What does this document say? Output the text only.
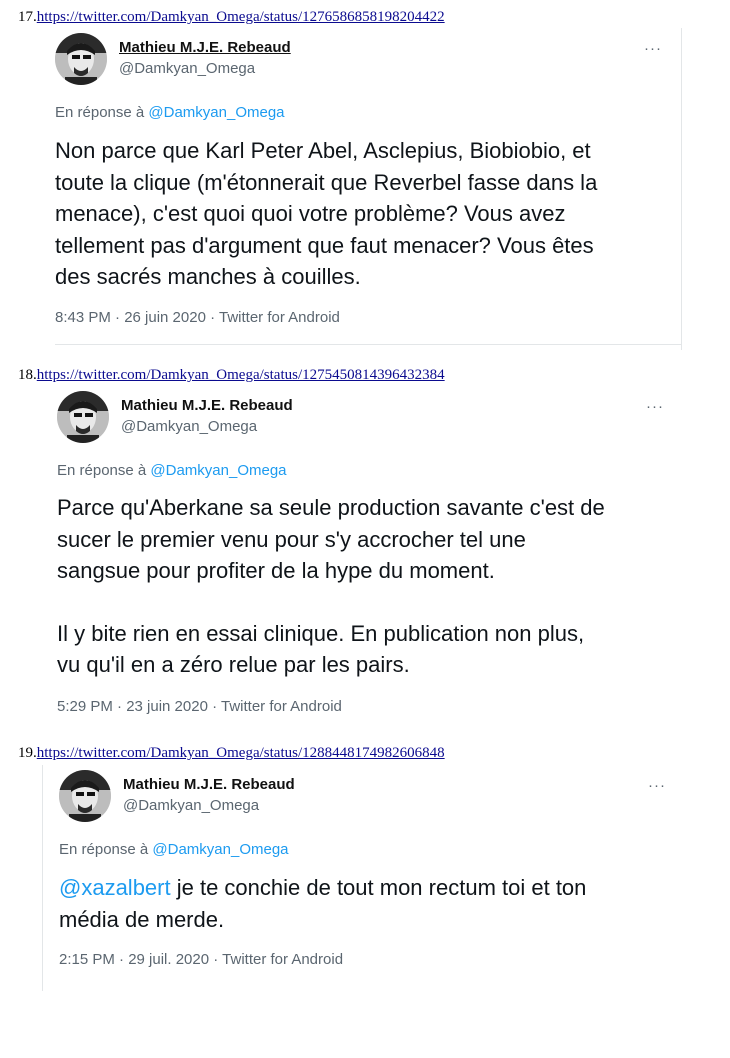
17.https://twitter.com/Damkyan_Omega/status/1276586858198204422
Mathieu M.J.E. Rebeaud
@Damkyan_Omega
···
En réponse à @Damkyan_Omega
Non parce que Karl Peter Abel, Asclepius, Biobiobio, et
toute la clique (m'étonnerait que Reverbel fasse dans la
menace), c'est quoi quoi votre problème? Vous avez
tellement pas d'argument que faut menacer? Vous êtes
des sacrés manches à couilles.
8:43 PM · 26 juin 2020 · Twitter for Android
18.https://twitter.com/Damkyan_Omega/status/1275450814396432384
Mathieu M.J.E. Rebeaud
@Damkyan_Omega
···
En réponse à @Damkyan_Omega
Parce qu'Aberkane sa seule production savante c'est de
sucer le premier venu pour s'y accrocher tel une
sangsue pour profiter de la hype du moment.
Il y bite rien en essai clinique. En publication non plus,
vu qu'il en a zéro relue par les pairs.
5:29 PM · 23 juin 2020 · Twitter for Android
19.https://twitter.com/Damkyan_Omega/status/1288448174982606848
Mathieu M.J.E. Rebeaud
@Damkyan_Omega
···
En réponse à @Damkyan_Omega
@xazalbert je te conchie de tout mon rectum toi et ton
média de merde.
2:15 PM · 29 juil. 2020 · Twitter for Android
